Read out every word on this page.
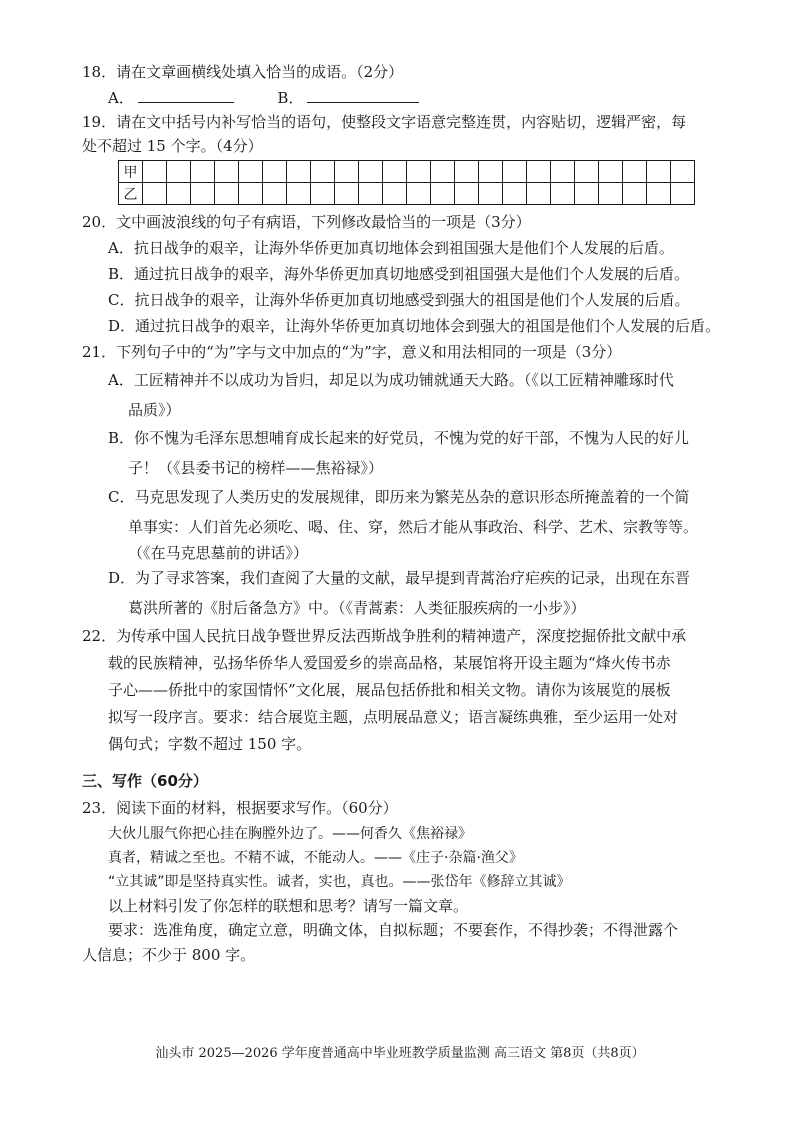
18．请在文章画横线处填入恰当的成语。（2分）
A．	B．
19．请在文中括号内补写恰当的语句，使整段文字语意完整连贯，内容贴切，逻辑严密，每
处不超过 15 个字。（4分）
甲																							
乙																							
20．文中画波浪线的句子有病语，下列修改最恰当的一项是（3分）
A．抗日战争的艰辛，让海外华侨更加真切地体会到祖国强大是他们个人发展的后盾。
B．通过抗日战争的艰辛，海外华侨更加真切地感受到祖国强大是他们个人发展的后盾。
C．抗日战争的艰辛，让海外华侨更加真切地感受到强大的祖国是他们个人发展的后盾。
D．通过抗日战争的艰辛，让海外华侨更加真切地体会到强大的祖国是他们个人发展的后盾。
21．下列句子中的“为”字与文中加点的“为”字，意义和用法相同的一项是（3分）
A．工匠精神并不以成功为旨归，却足以为成功铺就通天大路。（《以工匠精神雕琢时代
品质》）
B．你不愧为毛泽东思想哺育成长起来的好党员，不愧为党的好干部，不愧为人民的好儿
子！（《县委书记的榜样——焦裕禄》）
C．马克思发现了人类历史的发展规律，即历来为繁芜丛杂的意识形态所掩盖着的一个简
单事实：人们首先必须吃、喝、住、穿，然后才能从事政治、科学、艺术、宗教等等。
（《在马克思墓前的讲话》）
D．为了寻求答案，我们查阅了大量的文献，最早提到青蒿治疗疟疾的记录，出现在东晋
葛洪所著的《肘后备急方》中。（《青蒿素：人类征服疾病的一小步》）
22．为传承中国人民抗日战争暨世界反法西斯战争胜利的精神遗产，深度挖掘侨批文献中承
载的民族精神，弘扬华侨华人爱国爱乡的崇高品格，某展馆将开设主题为“烽火传书赤
子心——侨批中的家国情怀”文化展，展品包括侨批和相关文物。请你为该展览的展板
拟写一段序言。要求：结合展览主题，点明展品意义；语言凝练典雅，至少运用一处对
偶句式；字数不超过 150 字。
三、写作（60分）
23．阅读下面的材料，根据要求写作。（60分）
大伙儿服气你把心挂在胸膛外边了。——何香久《焦裕禄》
真者，精诚之至也。不精不诚，不能动人。——《庄子·杂篇·渔父》
“立其诚”即是坚持真实性。诚者，实也，真也。——张岱年《修辞立其诚》
以上材料引发了你怎样的联想和思考？请写一篇文章。
要求：选准角度，确定立意，明确文体，自拟标题；不要套作，不得抄袭；不得泄露个
人信息；不少于 800 字。
汕头市 2025—2026 学年度普通高中毕业班教学质量监测 高三语文 第8页（共8页）
